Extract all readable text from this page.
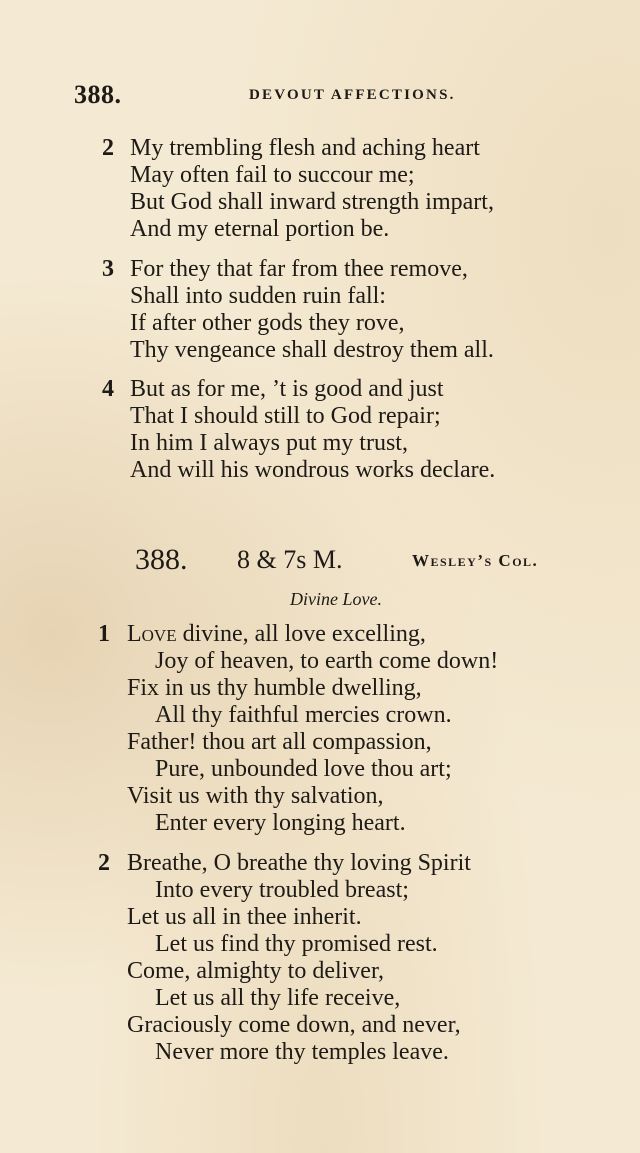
388.	DEVOUT AFFECTIONS.
2 My trembling flesh and aching heart
May often fail to succour me;
But God shall inward strength impart,
And my eternal portion be.
3 For they that far from thee remove,
Shall into sudden ruin fall:
If after other gods they rove,
Thy vengeance shall destroy them all.
4 But as for me, ’t is good and just
That I should still to God repair;
In him I always put my trust,
And will his wondrous works declare.
388. 8 & 7s M.	Wesley’s Col.
Divine Love.
1 Love divine, all love excelling,
Joy of heaven, to earth come down!
Fix in us thy humble dwelling,
All thy faithful mercies crown.
Father! thou art all compassion,
Pure, unbounded love thou art;
Visit us with thy salvation,
Enter every longing heart.
2 Breathe, O breathe thy loving Spirit
Into every troubled breast;
Let us all in thee inherit.
Let us find thy promised rest.
Come, almighty to deliver,
Let us all thy life receive,
Graciously come down, and never,
Never more thy temples leave.
